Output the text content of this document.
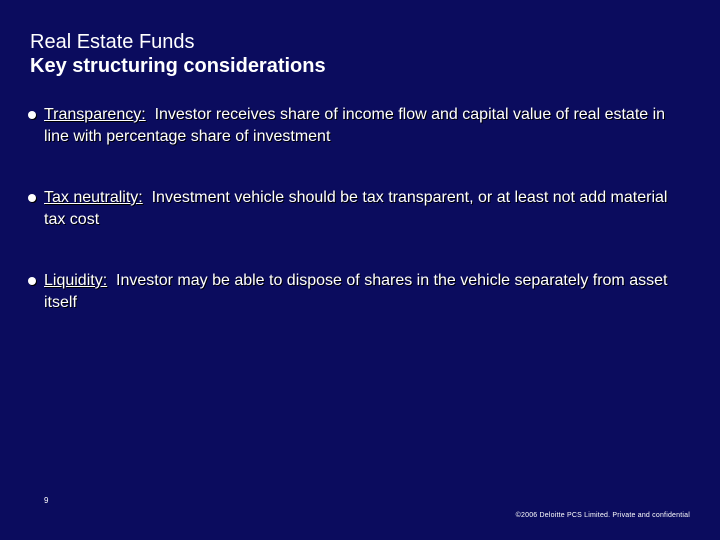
Real Estate Funds
Key structuring considerations
Transparency: Investor receives share of income flow and capital value of real estate in line with percentage share of investment
Tax neutrality: Investment vehicle should be tax transparent, or at least not add material tax cost
Liquidity: Investor may be able to dispose of shares in the vehicle separately from asset itself
9
©2006 Deloitte PCS Limited. Private and confidential
